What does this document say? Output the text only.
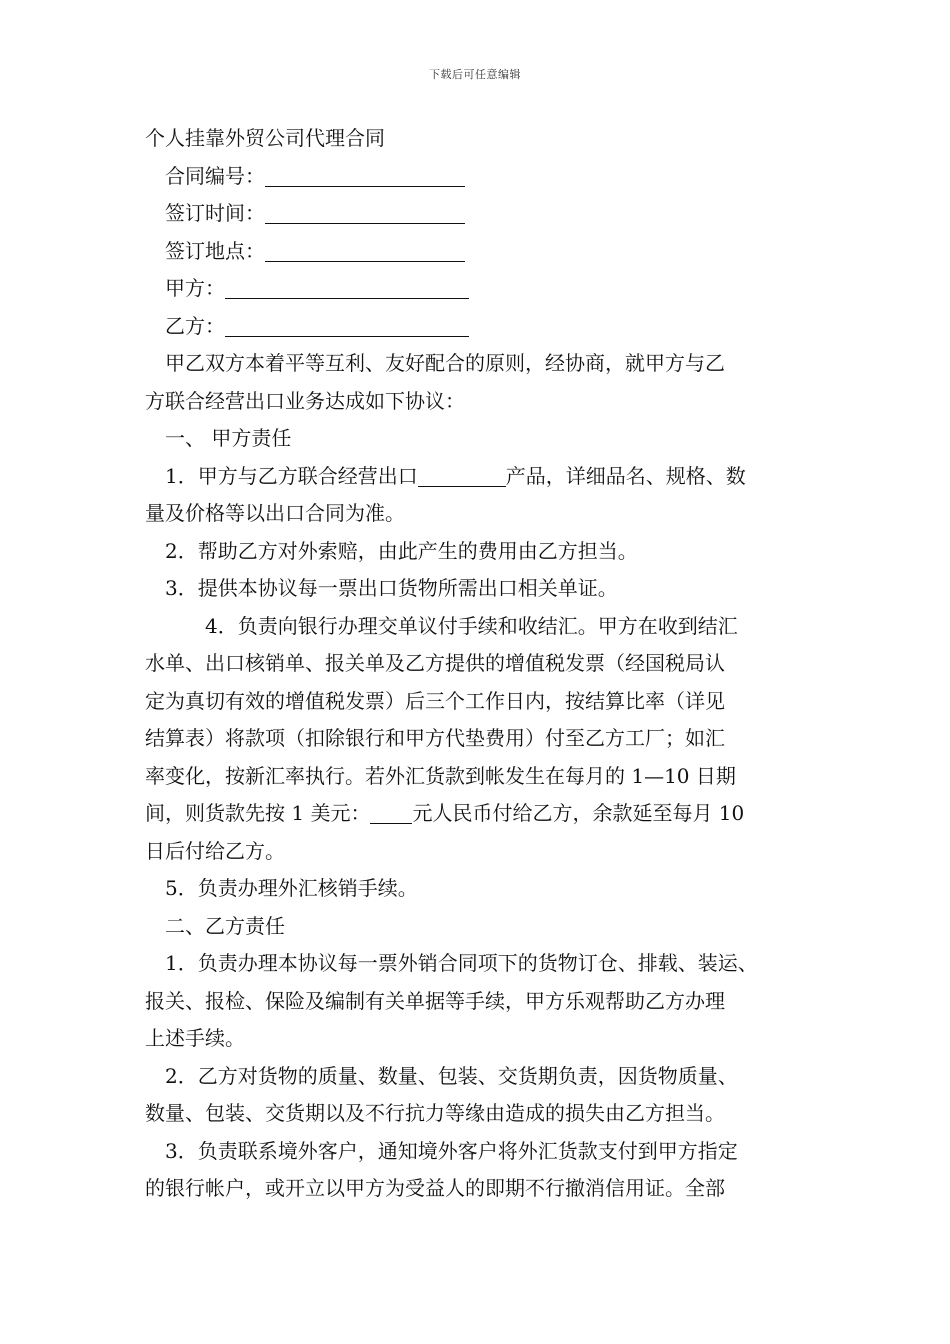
下载后可任意编辑
个人挂靠外贸公司代理合同
合同编号：
签订时间：
签订地点：
甲方：
乙方：
甲乙双方本着平等互利、友好配合的原则，经协商，就甲方与乙
方联合经营出口业务达成如下协议：
一、 甲方责任
1．甲方与乙方联合经营出口	产品，详细品名、规格、数
量及价格等以出口合同为准。
2．帮助乙方对外索赔，由此产生的费用由乙方担当。
3．提供本协议每一票出口货物所需出口相关单证。
4．负责向银行办理交单议付手续和收结汇。甲方在收到结汇
水单、出口核销单、报关单及乙方提供的增值税发票（经国税局认
定为真切有效的增值税发票）后三个工作日内，按结算比率（详见
结算表）将款项（扣除银行和甲方代垫费用）付至乙方工厂；如汇
率变化，按新汇率执行。若外汇货款到帐发生在每月的 1—10 日期
间，则货款先按 1 美元： 元人民币付给乙方，余款延至每月 10
日后付给乙方。
5．负责办理外汇核销手续。
二、乙方责任
1．负责办理本协议每一票外销合同项下的货物订仓、排载、装运、
报关、报检、保险及编制有关单据等手续，甲方乐观帮助乙方办理
上述手续。
2．乙方对货物的质量、数量、包装、交货期负责，因货物质量、
数量、包装、交货期以及不行抗力等缘由造成的损失由乙方担当。
3．负责联系境外客户，通知境外客户将外汇货款支付到甲方指定
的银行帐户，或开立以甲方为受益人的即期不行撤消信用证。全部
